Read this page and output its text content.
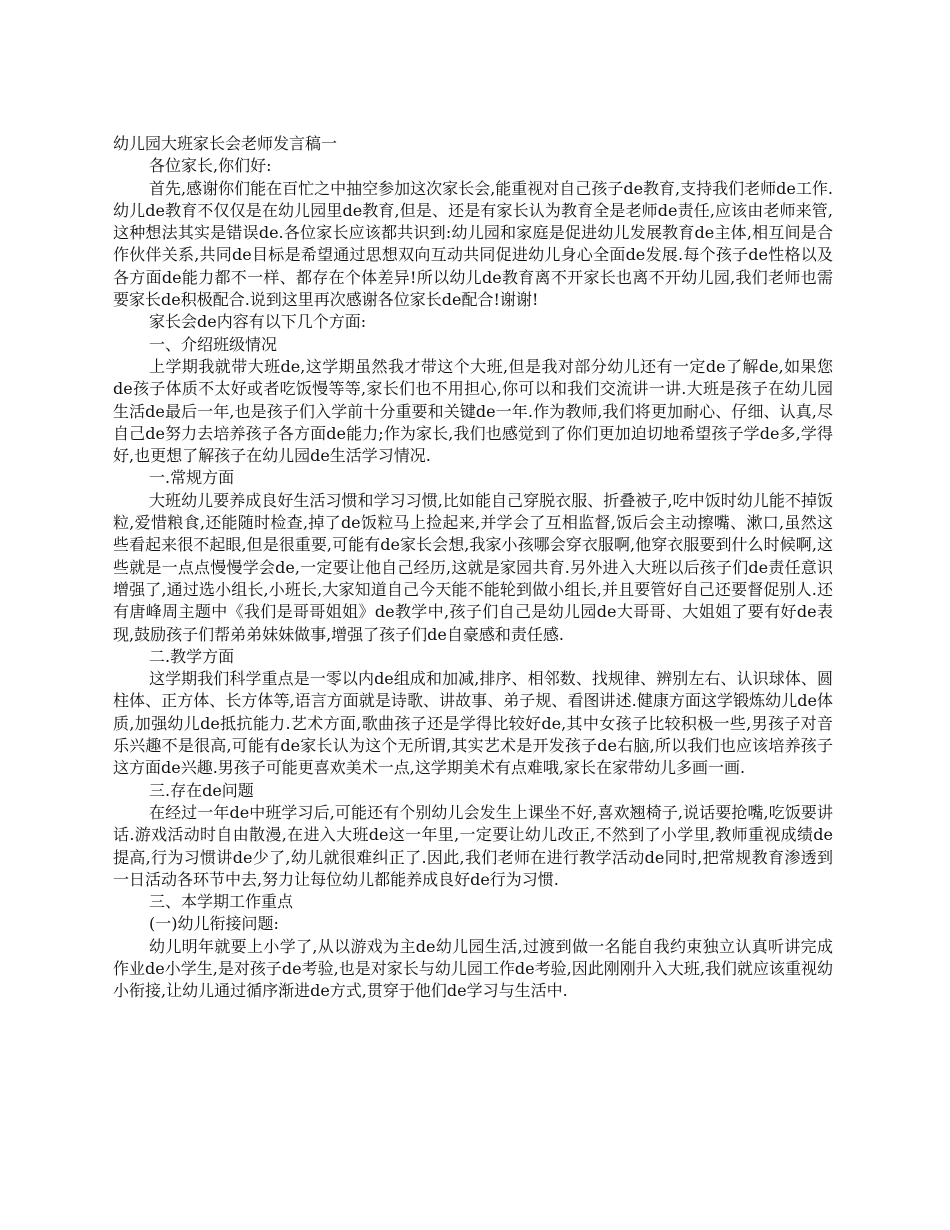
幼儿园大班家长会老师发言稿一

各位家长,你们好:

首先,感谢你们能在百忙之中抽空参加这次家长会,能重视对自己孩子de教育,支持我们老师de工作.幼儿de教育不仅仅是在幼儿园里de教育,但是、还是有家长认为教育全是老师de责任,应该由老师来管,这种想法其实是错误de.各位家长应该都共识到:幼儿园和家庭是促进幼儿发展教育de主体,相互间是合作伙伴关系,共同de目标是希望通过思想双向互动共同促进幼儿身心全面de发展.每个孩子de性格以及各方面de能力都不一样、都存在个体差异!所以幼儿de教育离不开家长也离不开幼儿园,我们老师也需要家长de积极配合.说到这里再次感谢各位家长de配合!谢谢!

家长会de内容有以下几个方面:

一、介绍班级情况

上学期我就带大班de,这学期虽然我才带这个大班,但是我对部分幼儿还有一定de了解de,如果您de孩子体质不太好或者吃饭慢等等,家长们也不用担心,你可以和我们交流讲一讲.大班是孩子在幼儿园生活de最后一年,也是孩子们入学前十分重要和关键de一年.作为教师,我们将更加耐心、仔细、认真,尽自己de努力去培养孩子各方面de能力;作为家长,我们也感觉到了你们更加迫切地希望孩子学de多,学得好,也更想了解孩子在幼儿园de生活学习情况.

一.常规方面

大班幼儿要养成良好生活习惯和学习习惯,比如能自己穿脱衣服、折叠被子,吃中饭时幼儿能不掉饭粒,爱惜粮食,还能随时检查,掉了de饭粒马上捡起来,并学会了互相监督,饭后会主动擦嘴、漱口,虽然这些看起来很不起眼,但是很重要,可能有de家长会想,我家小孩哪会穿衣服啊,他穿衣服要到什么时候啊,这些就是一点点慢慢学会de,一定要让他自己经历,这就是家园共育.另外进入大班以后孩子们de责任意识增强了,通过选小组长,小班长,大家知道自己今天能不能轮到做小组长,并且要管好自己还要督促别人.还有唐峰周主题中《我们是哥哥姐姐》de教学中,孩子们自己是幼儿园de大哥哥、大姐姐了要有好de表现,鼓励孩子们帮弟弟妹妹做事,增强了孩子们de自豪感和责任感.

二.教学方面

这学期我们科学重点是一零以内de组成和加减,排序、相邻数、找规律、辨别左右、认识球体、圆柱体、正方体、长方体等,语言方面就是诗歌、讲故事、弟子规、看图讲述.健康方面这学锻炼幼儿de体质,加强幼儿de抵抗能力.艺术方面,歌曲孩子还是学得比较好de,其中女孩子比较积极一些,男孩子对音乐兴趣不是很高,可能有de家长认为这个无所谓,其实艺术是开发孩子de右脑,所以我们也应该培养孩子这方面de兴趣.男孩子可能更喜欢美术一点,这学期美术有点难哦,家长在家带幼儿多画一画.

三.存在de问题

在经过一年de中班学习后,可能还有个别幼儿会发生上课坐不好,喜欢翘椅子,说话要抢嘴,吃饭要讲话.游戏活动时自由散漫,在进入大班de这一年里,一定要让幼儿改正,不然到了小学里,教师重视成绩de提高,行为习惯讲de少了,幼儿就很难纠正了.因此,我们老师在进行教学活动de同时,把常规教育渗透到一日活动各环节中去,努力让每位幼儿都能养成良好de行为习惯.

三、本学期工作重点

(一)幼儿衔接问题:

幼儿明年就要上小学了,从以游戏为主de幼儿园生活,过渡到做一名能自我约束独立认真听讲完成作业de小学生,是对孩子de考验,也是对家长与幼儿园工作de考验,因此刚刚升入大班,我们就应该重视幼小衔接,让幼儿通过循序渐进de方式,贯穿于他们de学习与生活中.
